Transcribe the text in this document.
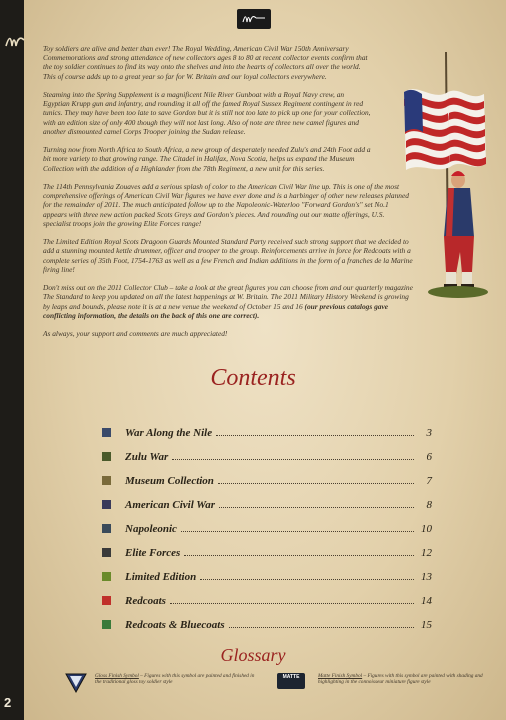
Toy soldiers are alive and better than ever! The Royal Wedding, American Civil War 150th Anniversary Commemorations and strong attendance of new collectors ages 8 to 80 at recent collector events confirm that the toy soldier continues to find its way onto the shelves and into the hearts of collectors all over the world. This of course adds up to a great year so far for W. Britain and our loyal collectors everywhere.

Steaming into the Spring Supplement is a magnificent Nile River Gunboat with a Royal Navy crew, an Egyptian Krupp gun and infantry, and rounding it all off the famed Royal Sussex Regiment contingent in red tunics. They may have been too late to save Gordon but it is still not too late to pick up one for your collection, with an edition size of only 400 though they will not last long. Also of note are three new camel figures and another dismounted camel Corps Trooper joining the Sudan release.

Turning now from North Africa to South Africa, a new group of desperately needed Zulu's and 24th Foot add a bit more variety to that growing range. The Citadel in Halifax, Nova Scotia, helps us expand the Museum Collection with the addition of a Highlander from the 78th Regiment, a new unit for this series.

The 114th Pennsylvania Zouaves add a serious splash of color to the American Civil War line up. This is one of the most comprehensive offerings of American Civil War figures we have ever done and is a harbinger of other new releases planned for the remainder of 2011. The much anticipated follow up to the Napoleonic-Waterloo "Forward Gordon's" set No.1 appears with three new action packed Scots Greys and Gordon's pieces. And rounding out our matte offerings, U.S. specialist troops join the growing Elite Forces range!

The Limited Edition Royal Scots Dragoon Guards Mounted Standard Party received such strong support that we decided to add a stunning mounted kettle drummer, officer and trooper to the group. Reinforcements arrive in force for Redcoats with a complete series of 35th Foot, 1754-1763 as well as a few French and Indian additions in the form of a franches de la Marine firing line!

Don't miss out on the 2011 Collector Club – take a look at the great figures you can choose from and our quarterly magazine The Standard to keep you updated on all the latest happenings at W. Britain. The 2011 Military History Weekend is growing by leaps and bounds, please note it is at a new venue the weekend of October 15 and 16 (our previous catalogs gave conflicting information, the details on the back of this one are correct).

As always, your support and comments are much appreciated!

Contents
War Along the Nile	3
Zulu War	6
Museum Collection	7
American Civil War	8
Napoleonic	10
Elite Forces	12
Limited Edition	13
Redcoats	14
Redcoats & Bluecoats	15
Glossary
Gloss Finish Symbol – Figures with this symbol are painted and finished in the traditional gloss toy soldier style
MATTE	Matte Finish Symbol – Figures with this symbol are painted with shading and highlighting in the connoisseur miniature figure style
2
